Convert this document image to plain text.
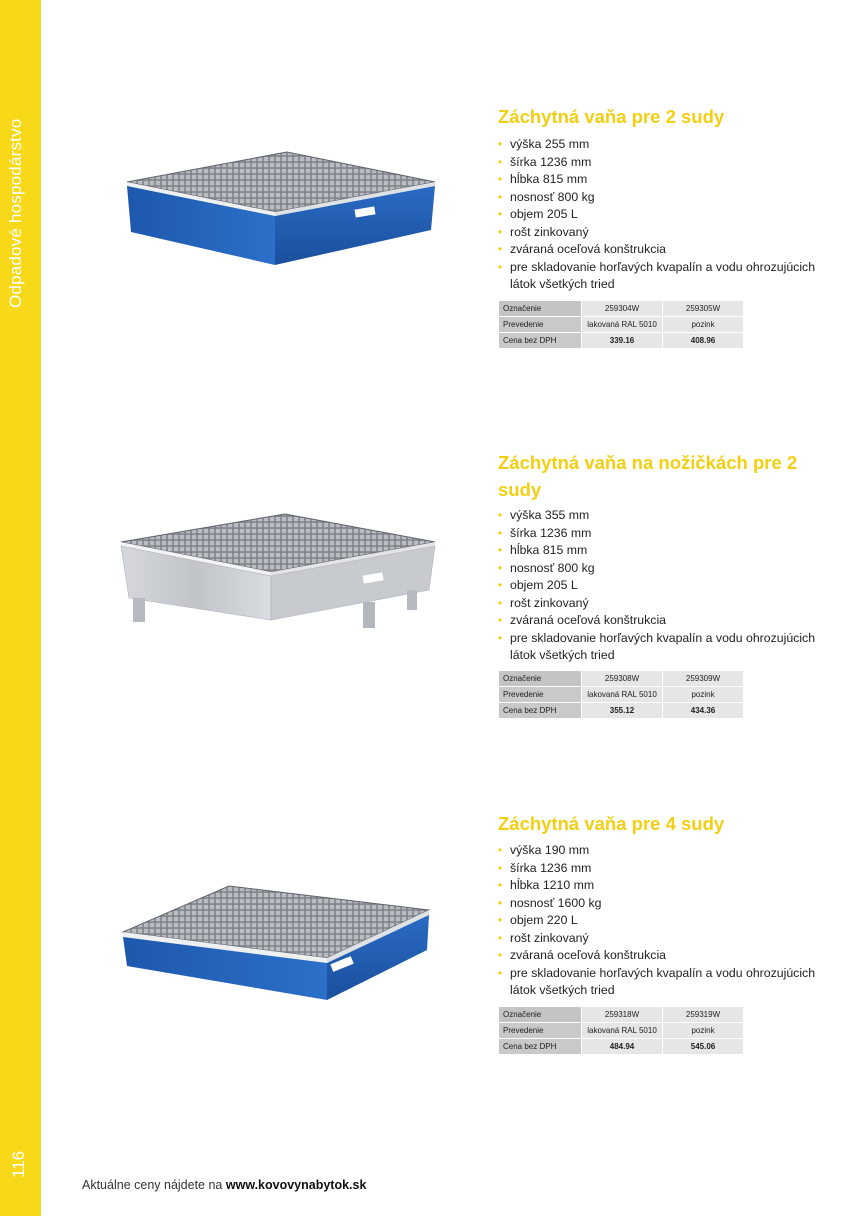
Odpadové hospodárstvo
116
Záchytná vaňa pre 2 sudy
• výška 255 mm
• šírka 1236 mm
• hĺbka 815 mm
• nosnosť 800 kg
• objem 205 L
• rošt zinkovaný
• zváraná oceľová konštrukcia
• pre skladovanie horľavých kvapalín a vodu ohrozujúcich látok všetkých tried
Označenie	259304W	259305W
Prevedenie	lakovaná RAL 5010	pozink
Cena bez DPH	339.16	408.96
Záchytná vaňa na nožičkách pre 2 sudy
• výška 355 mm
• šírka 1236 mm
• hĺbka 815 mm
• nosnosť 800 kg
• objem 205 L
• rošt zinkovaný
• zváraná oceľová konštrukcia
• pre skladovanie horľavých kvapalín a vodu ohrozujúcich látok všetkých tried
Označenie	259308W	259309W
Prevedenie	lakovaná RAL 5010	pozink
Cena bez DPH	355.12	434.36
Záchytná vaňa pre 4 sudy
• výška 190 mm
• šírka 1236 mm
• hĺbka 1210 mm
• nosnosť 1600 kg
• objem 220 L
• rošt zinkovaný
• zváraná oceľová konštrukcia
• pre skladovanie horľavých kvapalín a vodu ohrozujúcich látok všetkých tried
Označenie	259318W	259319W
Prevedenie	lakovaná RAL 5010	pozink
Cena bez DPH	484.94	545.06
Aktuálne ceny nájdete na www.kovovynabytok.sk
